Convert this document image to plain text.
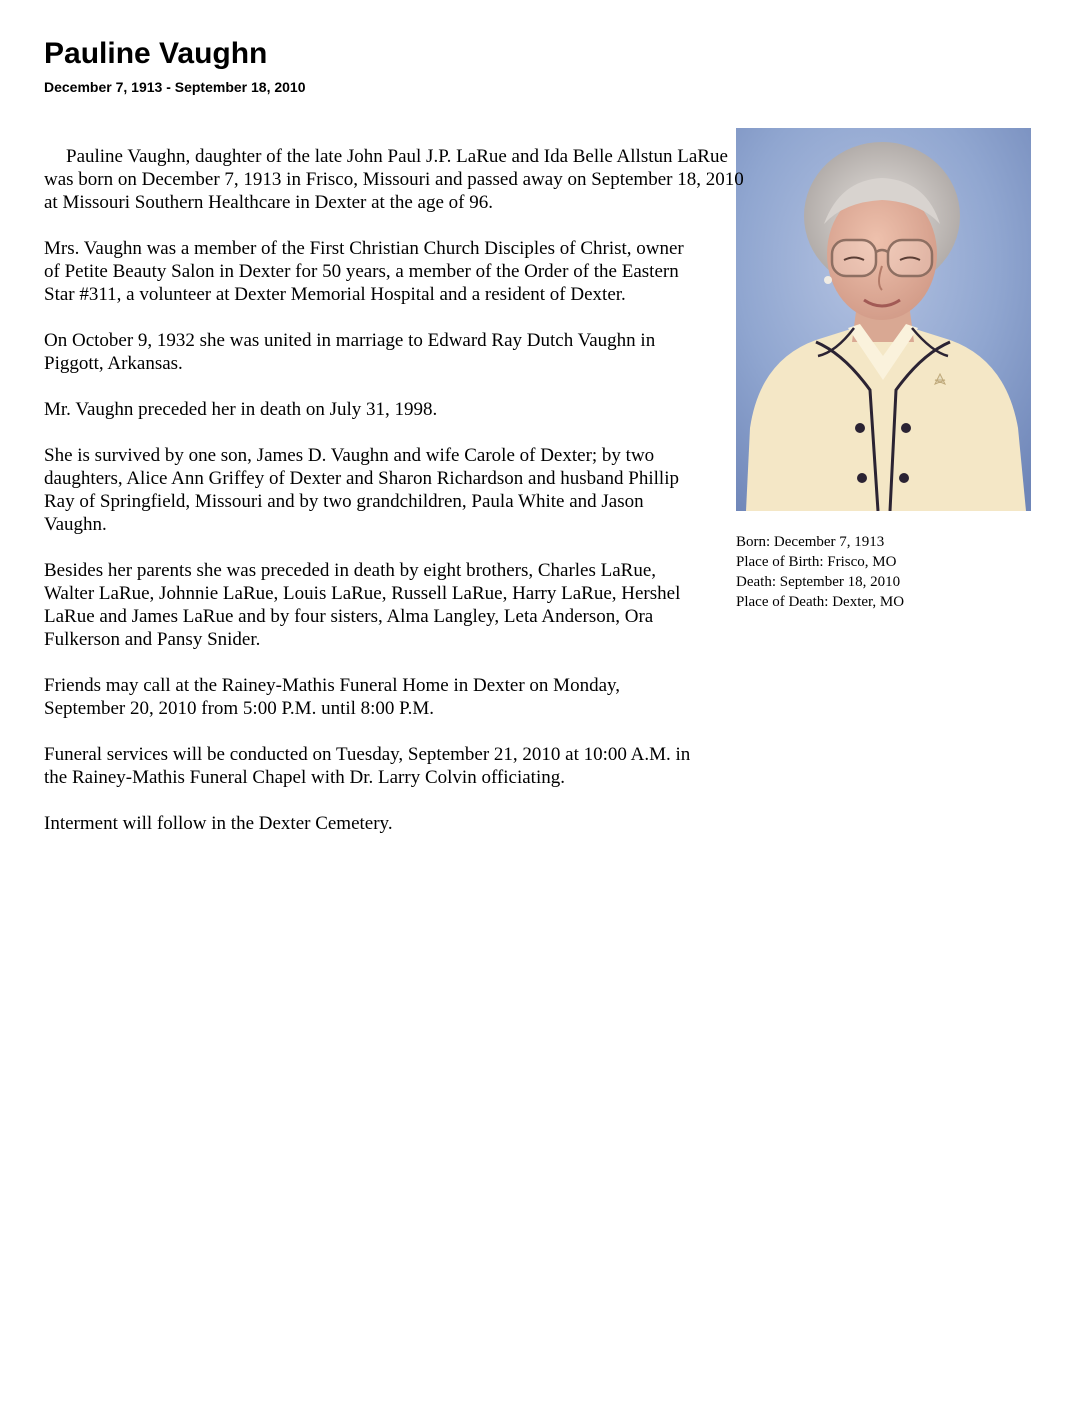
Pauline Vaughn
December 7, 1913 - September 18, 2010

Pauline Vaughn, daughter of the late John Paul J.P. LaRue and Ida Belle Allstun LaRue was born on December 7, 1913 in Frisco, Missouri and passed away on September 18, 2010 at Missouri Southern Healthcare in Dexter at the age of 96.

Mrs. Vaughn was a member of the First Christian Church Disciples of Christ, owner of Petite Beauty Salon in Dexter for 50 years, a member of the Order of the Eastern Star #311, a volunteer at Dexter Memorial Hospital and a resident of Dexter.

On October 9, 1932 she was united in marriage to Edward Ray Dutch Vaughn in Piggott, Arkansas.

Mr. Vaughn preceded her in death on July 31, 1998.

She is survived by one son, James D. Vaughn and wife Carole of Dexter; by two daughters, Alice Ann Griffey of Dexter and Sharon Richardson and husband Phillip Ray of Springfield, Missouri and by two grandchildren, Paula White and Jason Vaughn.

Besides her parents she was preceded in death by eight brothers, Charles LaRue, Walter LaRue, Johnnie LaRue, Louis LaRue, Russell LaRue, Harry LaRue, Hershel LaRue and James LaRue and by four sisters, Alma Langley, Leta Anderson, Ora Fulkerson and Pansy Snider.

Friends may call at the Rainey-Mathis Funeral Home in Dexter on Monday, September 20, 2010 from 5:00 P.M. until 8:00 P.M.

Funeral services will be conducted on Tuesday, September 21, 2010 at 10:00 A.M. in the Rainey-Mathis Funeral Chapel with Dr. Larry Colvin officiating.

Interment will follow in the Dexter Cemetery.

Born: December 7, 1913
Place of Birth: Frisco, MO
Death: September 18, 2010
Place of Death: Dexter, MO
